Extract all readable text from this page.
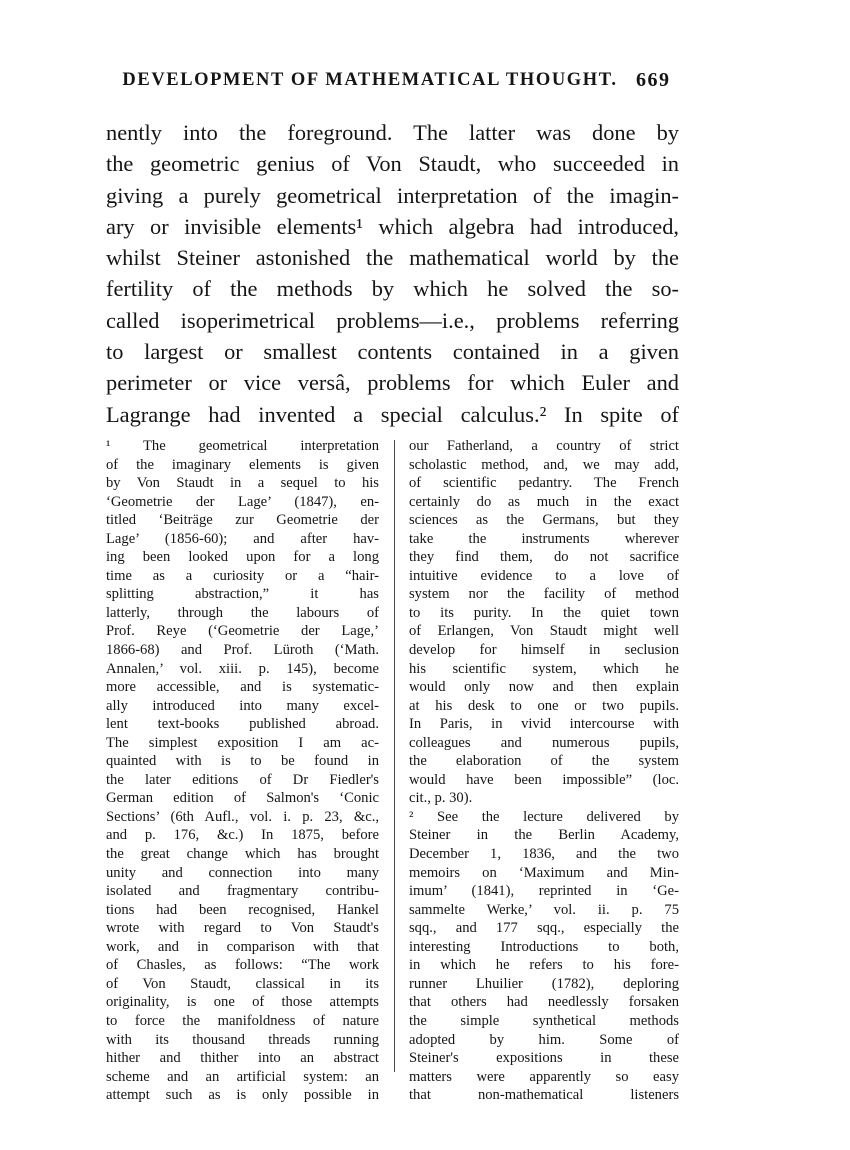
DEVELOPMENT OF MATHEMATICAL THOUGHT. 669
nently into the foreground. The latter was done by
the geometric genius of Von Staudt, who succeeded in
giving a purely geometrical interpretation of the imagin-
ary or invisible elements¹ which algebra had introduced,
whilst Steiner astonished the mathematical world by the
fertility of the methods by which he solved the so-
called isoperimetrical problems—i.e., problems referring
to largest or smallest contents contained in a given
perimeter or vice versâ, problems for which Euler and
Lagrange had invented a special calculus.² In spite of
¹ The geometrical interpretation
of the imaginary elements is given
by Von Staudt in a sequel to his
‘Geometrie der Lage’ (1847), en-
titled ‘Beiträge zur Geometrie der
Lage’ (1856-60); and after hav-
ing been looked upon for a long
time as a curiosity or a “hair-
splitting abstraction,” it has
latterly, through the labours of
Prof. Reye (‘Geometrie der Lage,’
1866-68) and Prof. Lüroth (‘Math.
Annalen,’ vol. xiii. p. 145), become
more accessible, and is systematic-
ally introduced into many excel-
lent text-books published abroad.
The simplest exposition I am ac-
quainted with is to be found in
the later editions of Dr Fiedler's
German edition of Salmon's ‘Conic
Sections’ (6th Aufl., vol. i. p. 23, &c.,
and p. 176, &c.) In 1875, before
the great change which has brought
unity and connection into many
isolated and fragmentary contribu-
tions had been recognised, Hankel
wrote with regard to Von Staudt's
work, and in comparison with that
of Chasles, as follows: “The work
of Von Staudt, classical in its
originality, is one of those attempts
to force the manifoldness of nature
with its thousand threads running
hither and thither into an abstract
scheme and an artificial system: an
attempt such as is only possible in
our Fatherland, a country of strict
scholastic method, and, we may add,
of scientific pedantry. The French
certainly do as much in the exact
sciences as the Germans, but they
take the instruments wherever
they find them, do not sacrifice
intuitive evidence to a love of
system nor the facility of method
to its purity. In the quiet town
of Erlangen, Von Staudt might well
develop for himself in seclusion
his scientific system, which he
would only now and then explain
at his desk to one or two pupils.
In Paris, in vivid intercourse with
colleagues and numerous pupils,
the elaboration of the system
would have been impossible” (loc.
cit., p. 30).
² See the lecture delivered by
Steiner in the Berlin Academy,
December 1, 1836, and the two
memoirs on ‘Maximum and Min-
imum’ (1841), reprinted in ‘Ge-
sammelte Werke,’ vol. ii. p. 75
sqq., and 177 sqq., especially the
interesting Introductions to both,
in which he refers to his fore-
runner Lhuilier (1782), deploring
that others had needlessly forsaken
the simple synthetical methods
adopted by him. Some of
Steiner's expositions in these
matters were apparently so easy
that non-mathematical listeners
